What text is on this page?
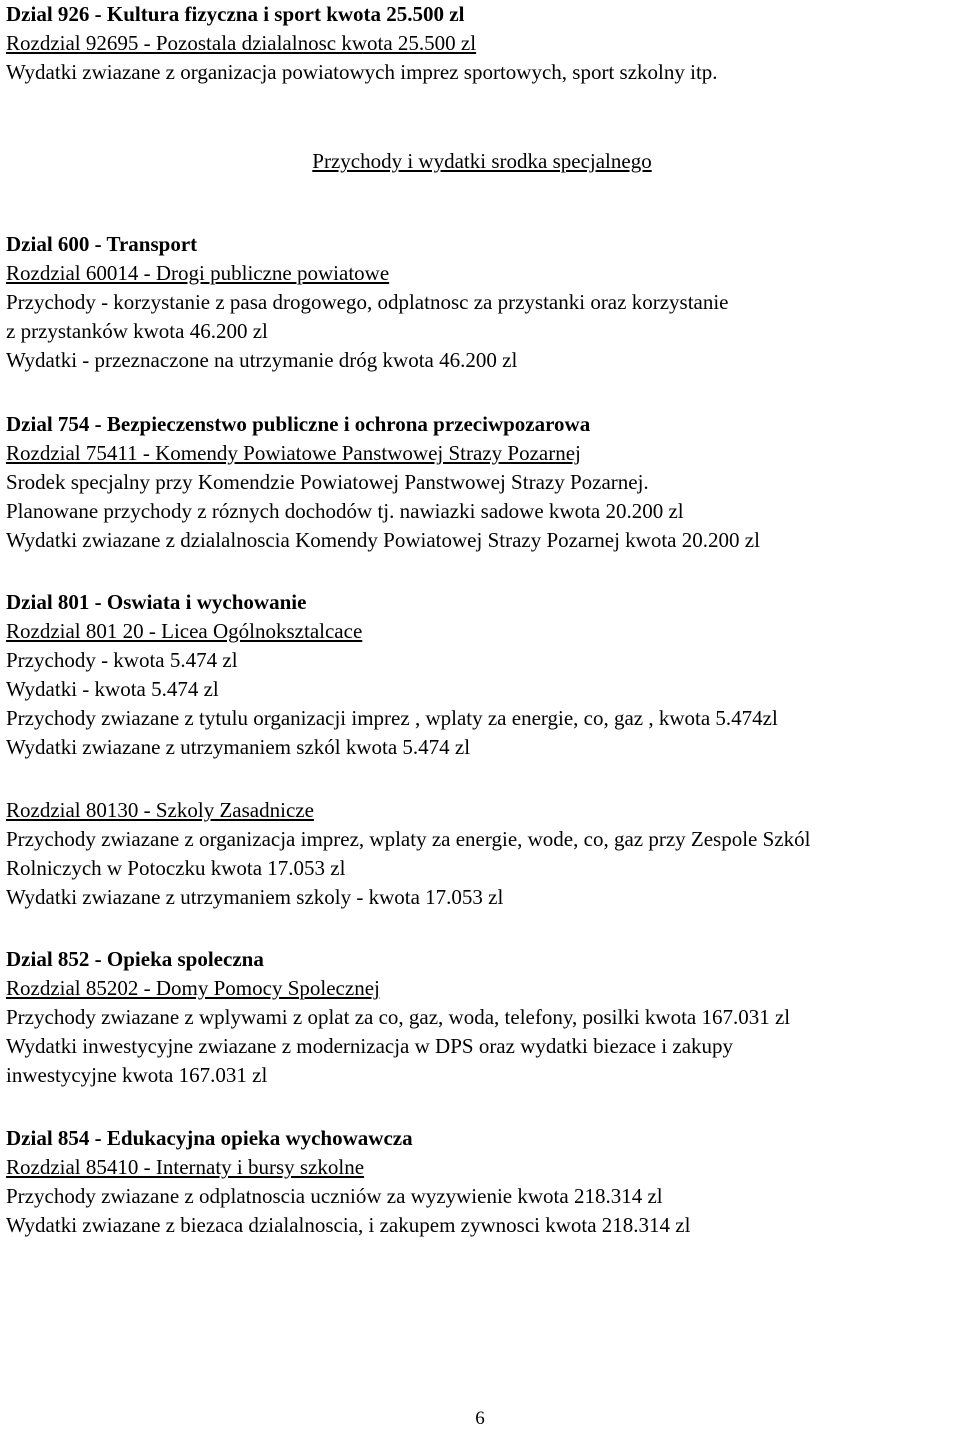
Dzial 926 - Kultura fizyczna i sport kwota 25.500 zl

Rozdzial 92695 - Pozostala dzialalnosc kwota 25.500 zl

Wydatki zwiazane z organizacja powiatowych imprez sportowych, sport szkolny itp.

Przychody i wydatki srodka specjalnego

Dzial 600 - Transport

Rozdzial 60014 - Drogi publiczne powiatowe

Przychody - korzystanie z pasa drogowego, odplatnosc za przystanki oraz korzystanie

z przystanków kwota 46.200 zl

Wydatki - przeznaczone na utrzymanie dróg kwota 46.200 zl

Dzial 754 - Bezpieczenstwo publiczne i ochrona przeciwpozarowa

Rozdzial 75411 - Komendy Powiatowe Panstwowej Strazy Pozarnej

Srodek specjalny przy Komendzie Powiatowej Panstwowej Strazy Pozarnej.

Planowane przychody z róznych dochodów tj. nawiazki sadowe kwota 20.200 zl

Wydatki zwiazane z dzialalnoscia Komendy Powiatowej Strazy Pozarnej kwota 20.200 zl

Dzial 801 - Oswiata i wychowanie

Rozdzial 801 20 - Licea Ogólnoksztalcace

Przychody - kwota 5.474 zl

Wydatki - kwota 5.474 zl

Przychody zwiazane z tytulu organizacji imprez , wplaty za energie, co, gaz , kwota 5.474zl

Wydatki zwiazane z utrzymaniem szkól kwota 5.474 zl

Rozdzial 80130 - Szkoly Zasadnicze

Przychody zwiazane z organizacja imprez, wplaty za energie, wode, co, gaz przy Zespole Szkól

Rolniczych w Potoczku kwota 17.053 zl

Wydatki zwiazane z utrzymaniem szkoly - kwota 17.053 zl

Dzial 852 - Opieka spoleczna

Rozdzial 85202 - Domy Pomocy Spolecznej

Przychody zwiazane z wplywami z oplat za co, gaz, woda, telefony, posilki kwota 167.031 zl

Wydatki inwestycyjne zwiazane z modernizacja w DPS oraz wydatki biezace i zakupy

inwestycyjne kwota 167.031 zl

Dzial 854 - Edukacyjna opieka wychowawcza

Rozdzial 85410 - Internaty i bursy szkolne

Przychody zwiazane z odplatnoscia uczniów za wyzywienie kwota 218.314 zl

Wydatki zwiazane z biezaca dzialalnoscia, i zakupem zywnosci kwota 218.314 zl

6
